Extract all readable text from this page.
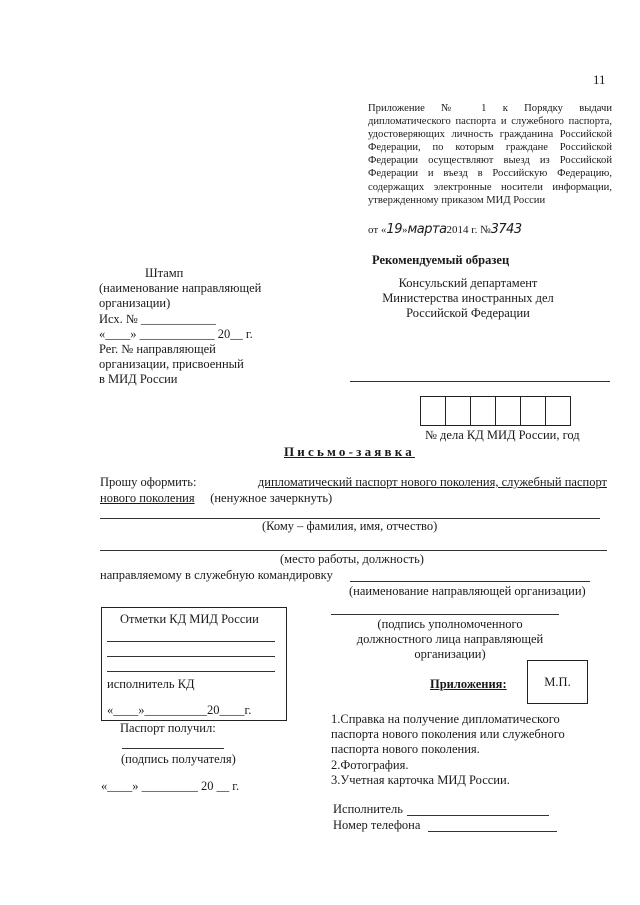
11
Приложение № 1 к Порядку выдачи дипломатического паспорта и служебного паспорта, удостоверяющих личность гражданина Российской Федерации, по которым граждане Российской Федерации осуществляют выезд из Российской Федерации и въезд в Российскую Федерацию, содержащих электронные носители информации, утвержденному приказом МИД России
от «19»марта2014 г. №3743
Рекомендуемый образец
Консульский департамент
Министерства иностранных дел
Российской Федерации
Штамп
(наименование направляющей
организации)
Исх. № ____________
«____» ____________ 20__ г.
Рег. № направляющей
организации, присвоенный
в МИД России
№ дела КД МИД России, год
Письмо-заявка
Прошу оформить:	дипломатический паспорт нового поколения, служебный паспорт
нового поколения (ненужное зачеркнуть)
(Кому – фамилия, имя, отчество)
(место работы, должность)
направляемому в служебную командировку
(наименование направляющей организации)
Отметки КД МИД России
исполнитель КД
«____»__________20____г.
Паспорт получил:
(подпись получателя)
«____» _________ 20 __ г.
(подпись уполномоченного
должностного лица направляющей
организации)
Приложения:	М.П.
1.Справка на получение дипломатического
паспорта нового поколения или служебного
паспорта нового поколения.
2.Фотография.
3.Учетная карточка МИД России.
Исполнитель
Номер телефона
